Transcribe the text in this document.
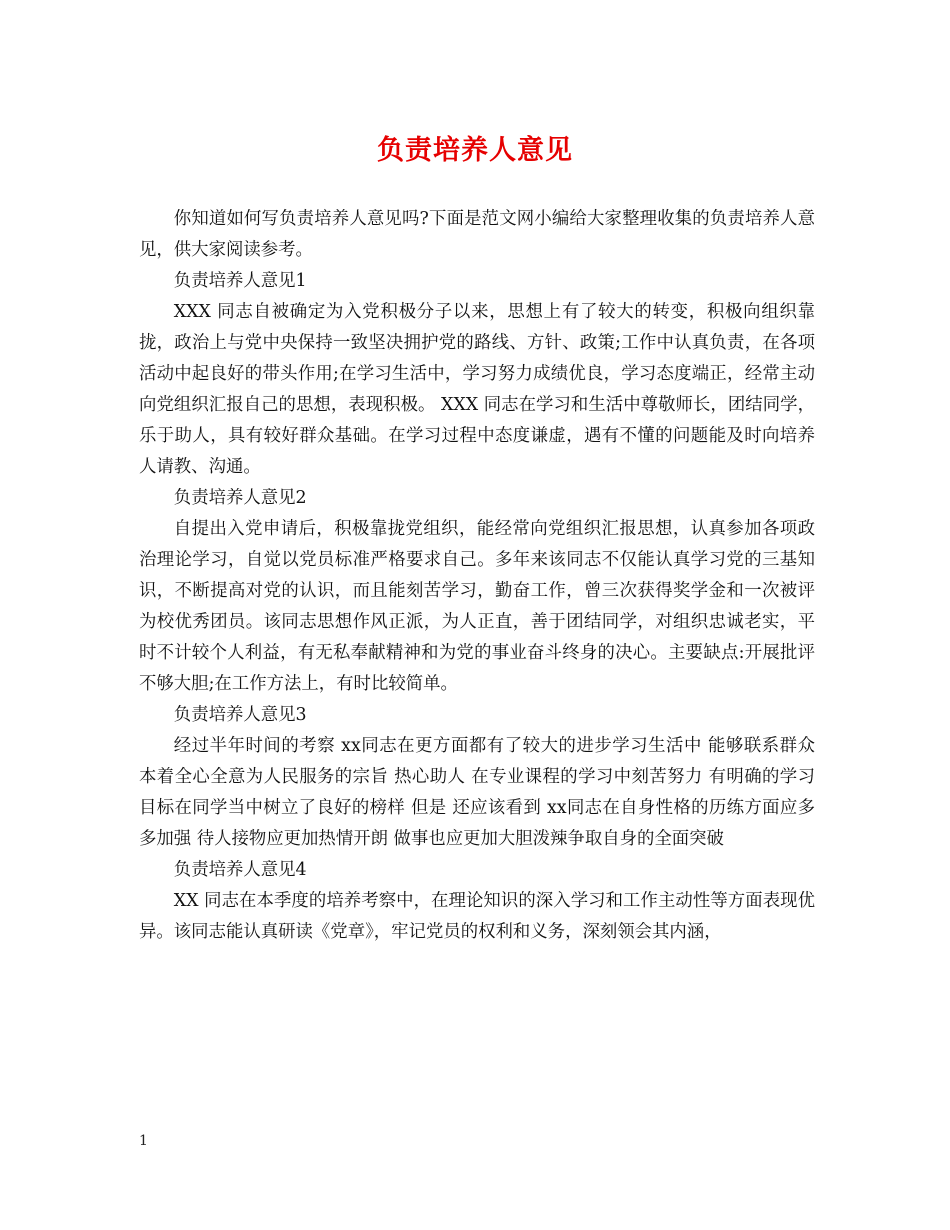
负责培养人意见

你知道如何写负责培养人意见吗?下面是范文网小编给大家整理收集的负责培养人意见，供大家阅读参考。

负责培养人意见1

XXX 同志自被确定为入党积极分子以来，思想上有了较大的转变，积极向组织靠拢，政治上与党中央保持一致坚决拥护党的路线、方针、政策;工作中认真负责，在各项活动中起良好的带头作用;在学习生活中，学习努力成绩优良，学习态度端正，经常主动向党组织汇报自己的思想，表现积极。 XXX 同志在学习和生活中尊敬师长，团结同学，乐于助人，具有较好群众基础。在学习过程中态度谦虚，遇有不懂的问题能及时向培养人请教、沟通。

负责培养人意见2

自提出入党申请后，积极靠拢党组织，能经常向党组织汇报思想，认真参加各项政治理论学习，自觉以党员标准严格要求自己。多年来该同志不仅能认真学习党的三基知识，不断提高对党的认识，而且能刻苦学习，勤奋工作，曾三次获得奖学金和一次被评为校优秀团员。该同志思想作风正派，为人正直，善于团结同学，对组织忠诚老实，平时不计较个人利益，有无私奉献精神和为党的事业奋斗终身的决心。主要缺点:开展批评不够大胆;在工作方法上，有时比较简单。

负责培养人意见3

经过半年时间的考察 xx同志在更方面都有了较大的进步学习生活中 能够联系群众 本着全心全意为人民服务的宗旨 热心助人 在专业课程的学习中刻苦努力 有明确的学习目标在同学当中树立了良好的榜样 但是 还应该看到 xx同志在自身性格的历练方面应多多加强 待人接物应更加热情开朗 做事也应更加大胆泼辣争取自身的全面突破

负责培养人意见4

XX 同志在本季度的培养考察中，在理论知识的深入学习和工作主动性等方面表现优异。该同志能认真研读《党章》，牢记党员的权利和义务，深刻领会其内涵，

1
